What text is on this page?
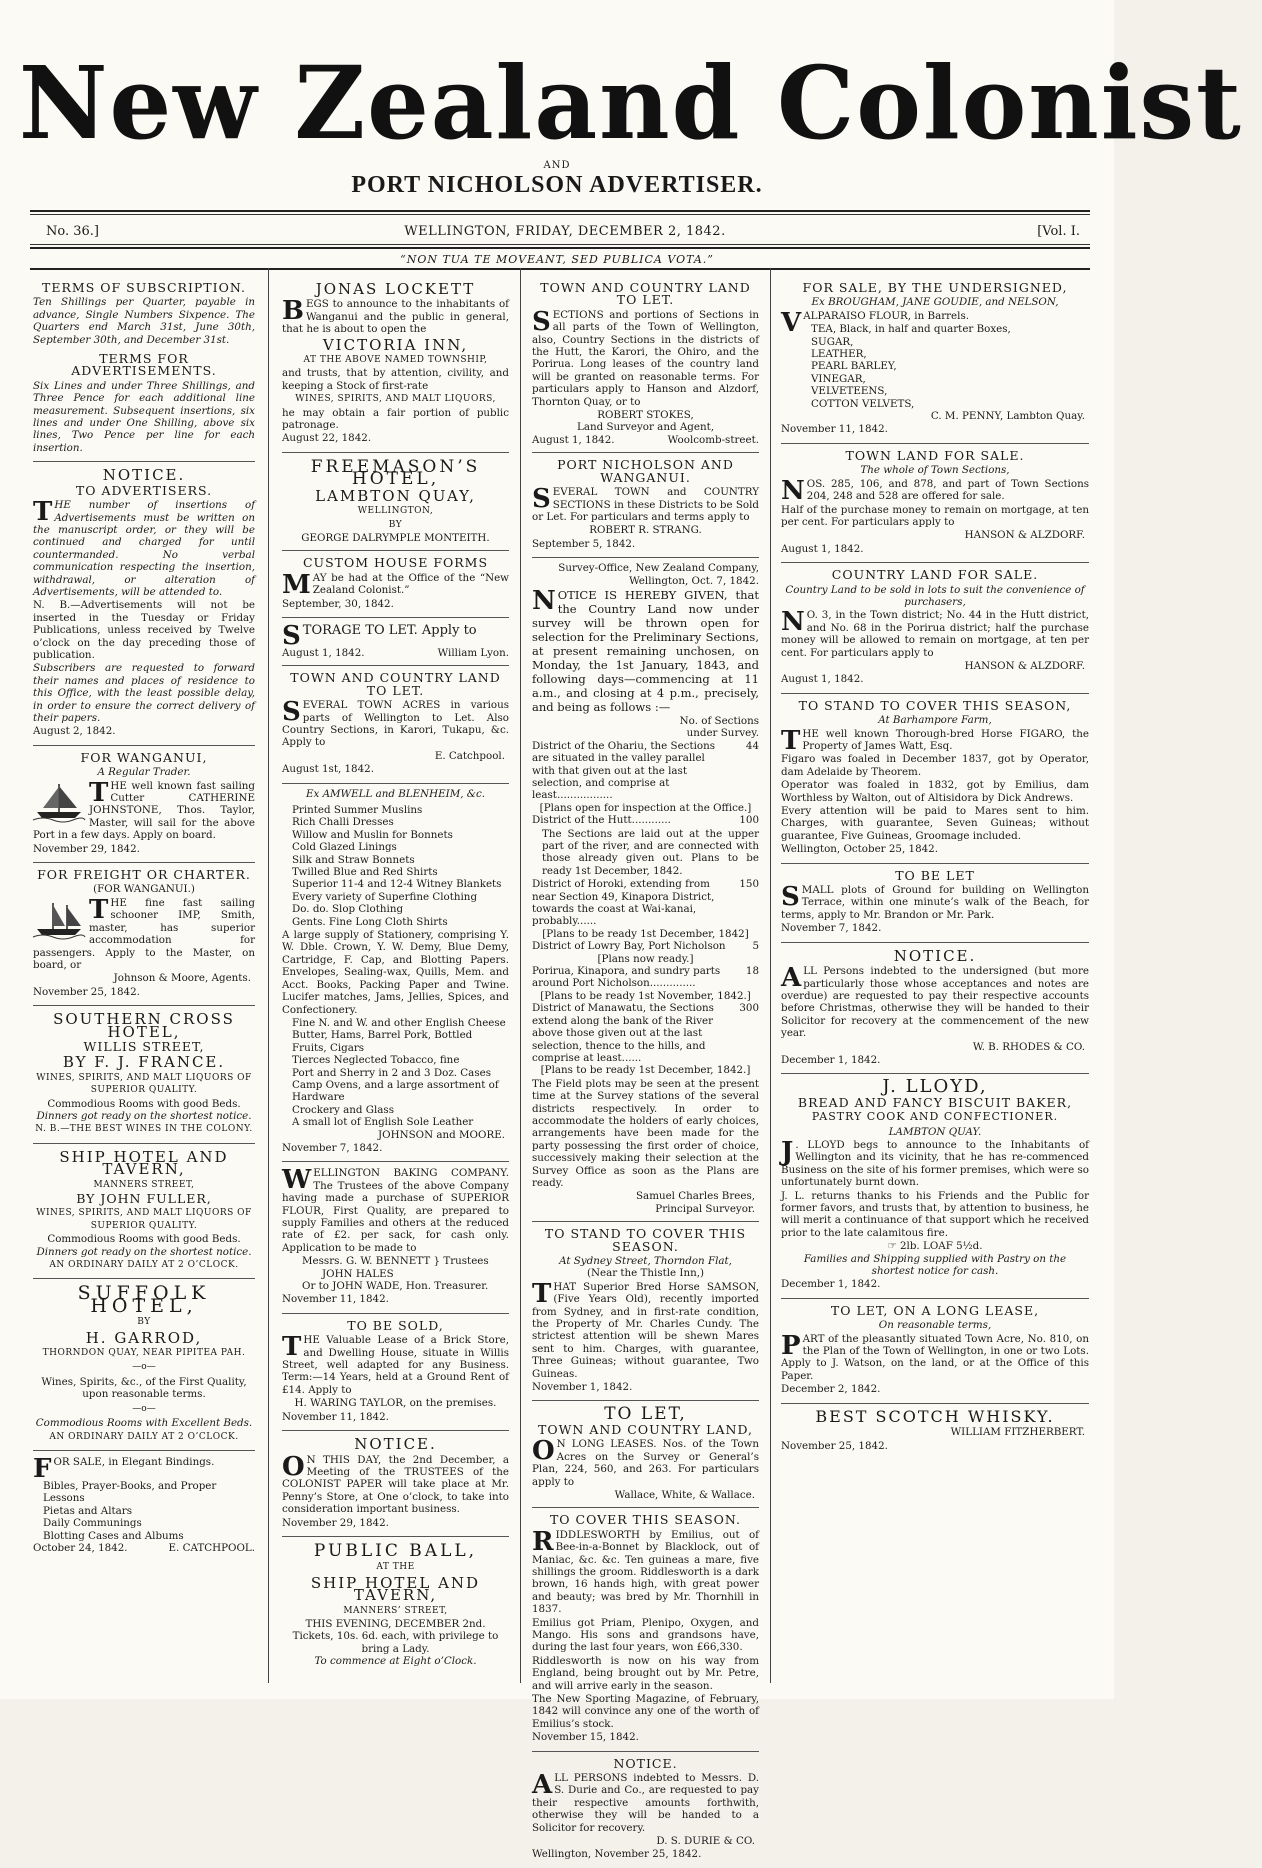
New Zealand Colonist
AND
PORT NICHOLSON ADVERTISER.
No. 36.]	WELLINGTON, FRIDAY, DECEMBER 2, 1842.	[Vol. I.
“NON TUA TE MOVEANT, SED PUBLICA VOTA.”
TERMS OF SUBSCRIPTION.
Ten Shillings per Quarter, payable in advance, Single Numbers Sixpence. The Quarters end March 31st, June 30th, September 30th, and December 31st.
TERMS FOR ADVERTISEMENTS.
Six Lines and under Three Shillings, and Three Pence for each additional line measurement. Subsequent insertions, six lines and under One Shilling, above six lines, Two Pence per line for each insertion.
NOTICE.
TO ADVERTISERS.
THE number of insertions of Advertisements must be written on the manuscript order, or they will be continued and charged for until countermanded. No verbal communication respecting the insertion, withdrawal, or alteration of Advertisements, will be attended to.
N. B.—Advertisements will not be inserted in the Tuesday or Friday Publications, unless received by Twelve o’clock on the day preceding those of publication.
Subscribers are requested to forward their names and places of residence to this Office, with the least possible delay, in order to ensure the correct delivery of their papers.
August 2, 1842.
FOR WANGANUI,
A Regular Trader.
THE well known fast sailing Cutter CATHERINE JOHNSTONE, Thos. Taylor, Master, will sail for the above Port in a few days. Apply on board.
November 29, 1842.
FOR FREIGHT OR CHARTER.
(FOR WANGANUI.)
THE fine fast sailing schooner IMP, Smith, master, has superior accommodation for passengers. Apply to the Master, on board, or
Johnson & Moore, Agents.
November 25, 1842.
SOUTHERN CROSS HOTEL,
WILLIS STREET,
BY F. J. FRANCE.
WINES, SPIRITS, AND MALT LIQUORS OF SUPERIOR QUALITY.
Commodious Rooms with good Beds.
Dinners got ready on the shortest notice.
N. B.—THE BEST WINES IN THE COLONY.
SHIP HOTEL AND TAVERN,
MANNERS STREET,
BY JOHN FULLER,
WINES, SPIRITS, AND MALT LIQUORS OF SUPERIOR QUALITY.
Commodious Rooms with good Beds.
Dinners got ready on the shortest notice.
AN ORDINARY DAILY AT 2 O’CLOCK.
SUFFOLK HOTEL,
BY
H. GARROD,
THORNDON QUAY, NEAR PIPITEA PAH.
—o—
Wines, Spirits, &c., of the First Quality, upon reasonable terms.
—o—
Commodious Rooms with Excellent Beds.
AN ORDINARY DAILY AT 2 O’CLOCK.
FOR SALE, in Elegant Bindings.
Bibles, Prayer-Books, and Proper Lessons
Pietas and Altars
Daily Communings
Blotting Cases and Albums
October 24, 1842.	E. CATCHPOOL.
JONAS LOCKETT
BEGS to announce to the inhabitants of Wanganui and the public in general, that he is about to open the
VICTORIA INN,
AT THE ABOVE NAMED TOWNSHIP,
and trusts, that by attention, civility, and keeping a Stock of first-rate
WINES, SPIRITS, AND MALT LIQUORS,
he may obtain a fair portion of public patronage.
August 22, 1842.
FREEMASON’S HOTEL,
LAMBTON QUAY,
WELLINGTON,
BY
GEORGE DALRYMPLE MONTEITH.
CUSTOM HOUSE FORMS
MAY be had at the Office of the “New Zealand Colonist.”
September, 30, 1842.
STORAGE TO LET. Apply to
August 1, 1842.	William Lyon.
TOWN AND COUNTRY LAND TO LET.
SEVERAL TOWN ACRES in various parts of Wellington to Let. Also Country Sections, in Karori, Tukapu, &c. Apply to
E. Catchpool.
August 1st, 1842.
Ex AMWELL and BLENHEIM, &c.
Printed Summer Muslins
Rich Challi Dresses
Willow and Muslin for Bonnets
Cold Glazed Linings
Silk and Straw Bonnets
Twilled Blue and Red Shirts
Superior 11-4 and 12-4 Witney Blankets
Every variety of Superfine Clothing
Do. do. Slop Clothing
Gents. Fine Long Cloth Shirts
A large supply of Stationery, comprising Y. W. Dble. Crown, Y. W. Demy, Blue Demy, Cartridge, F. Cap, and Blotting Papers. Envelopes, Sealing-wax, Quills, Mem. and Acct. Books, Packing Paper and Twine. Lucifer matches, Jams, Jellies, Spices, and Confectionery.
Fine N. and W. and other English Cheese
Butter, Hams, Barrel Pork, Bottled Fruits, Cigars
Tierces Neglected Tobacco, fine
Port and Sherry in 2 and 3 Doz. Cases
Camp Ovens, and a large assortment of Hardware
Crockery and Glass
A small lot of English Sole Leather
JOHNSON and MOORE.
November 7, 1842.
WELLINGTON BAKING COMPANY. The Trustees of the above Company having made a purchase of SUPERIOR FLOUR, First Quality, are prepared to supply Families and others at the reduced rate of £2. per sack, for cash only. Application to be made to
Messrs. G. W. BENNETT } Trustees
JOHN HALES
Or to JOHN WADE, Hon. Treasurer.
November 11, 1842.
TO BE SOLD,
THE Valuable Lease of a Brick Store, and Dwelling House, situate in Willis Street, well adapted for any Business. Term:—14 Years, held at a Ground Rent of £14. Apply to
H. WARING TAYLOR, on the premises.
November 11, 1842.
NOTICE.
O N THIS DAY, the 2nd December, a Meeting of the TRUSTEES of the COLONIST PAPER will take place at Mr. Penny’s Store, at One o’clock, to take into consideration important business.
November 29, 1842.
PUBLIC BALL,
AT THE
SHIP HOTEL AND TAVERN,
MANNERS’ STREET,
THIS EVENING, DECEMBER 2nd.
Tickets, 10s. 6d. each, with privilege to bring a Lady.
To commence at Eight o’Clock.
TOWN AND COUNTRY LAND TO LET.
SECTIONS and portions of Sections in all parts of the Town of Wellington, also, Country Sections in the districts of the Hutt, the Karori, the Ohiro, and the Porirua. Long leases of the country land will be granted on reasonable terms. For particulars apply to Hanson and Alzdorf, Thornton Quay, or to
ROBERT STOKES,
Land Surveyor and Agent,
August 1, 1842.	Woolcomb-street.
PORT NICHOLSON AND WANGANUI.
SEVERAL TOWN and COUNTRY SECTIONS in these Districts to be Sold or Let. For particulars and terms apply to
ROBERT R. STRANG.
September 5, 1842.
Survey-Office, New Zealand Company,
Wellington, Oct. 7, 1842.
NOTICE IS HEREBY GIVEN, that the Country Land now under survey will be thrown open for selection for the Preliminary Sections, at present remaining unchosen, on Monday, the 1st January, 1843, and following days—commencing at 11 a.m., and closing at 4 p.m., precisely, and being as follows :—
No. of Sections under Survey.
District of the Ohariu, the Sections are situated in the valley parallel with that given out at the last selection, and comprise at least.................
44
[Plans open for inspection at the Office.]
District of the Hutt............	100
The Sections are laid out at the upper part of the river, and are connected with those already given out. Plans to be ready 1st December, 1842.
District of Horoki, extending from near Section 49, Kinapora District, towards the coast at Wai-kanai, probably......
150
[Plans to be ready 1st December, 1842]
District of Lowry Bay, Port Nicholson	5
[Plans now ready.]
Porirua, Kinapora, and sundry parts around Port Nicholson..............
18
[Plans to be ready 1st November, 1842.]
District of Manawatu, the Sections extend along the bank of the River above those given out at the last selection, thence to the hills, and comprise at least......
300
[Plans to be ready 1st December, 1842.]
The Field plots may be seen at the present time at the Survey stations of the several districts respectively. In order to accommodate the holders of early choices, arrangements have been made for the party possessing the first order of choice, successively making their selection at the Survey Office as soon as the Plans are ready.
Samuel Charles Brees,
Principal Surveyor.
TO STAND TO COVER THIS SEASON.
At Sydney Street, Thorndon Flat,
(Near the Thistle Inn,)
THAT Superior Bred Horse SAMSON, (Five Years Old), recently imported from Sydney, and in first-rate condition, the Property of Mr. Charles Cundy. The strictest attention will be shewn Mares sent to him. Charges, with guarantee, Three Guineas; without guarantee, Two Guineas.
November 1, 1842.
TO LET,
TOWN AND COUNTRY LAND,
O N LONG LEASES. Nos. of the Town Acres on the Survey or General’s Plan, 224, 560, and 263. For particulars apply to
Wallace, White, & Wallace.
TO COVER THIS SEASON.
RIDDLESWORTH by Emilius, out of Bee-in-a-Bonnet by Blacklock, out of Maniac, &c. &c. Ten guineas a mare, five shillings the groom. Riddlesworth is a dark brown, 16 hands high, with great power and beauty; was bred by Mr. Thornhill in 1837.
Emilius got Priam, Plenipo, Oxygen, and Mango. His sons and grandsons have, during the last four years, won £66,330.
Riddlesworth is now on his way from England, being brought out by Mr. Petre, and will arrive early in the season.
The New Sporting Magazine, of February, 1842 will convince any one of the worth of Emilius’s stock.
November 15, 1842.
NOTICE.
ALL PERSONS indebted to Messrs. D. S. Durie and Co., are requested to pay their respective amounts forthwith, otherwise they will be handed to a Solicitor for recovery.
D. S. DURIE & CO.
Wellington, November 25, 1842.
FOR SALE, BY THE UNDERSIGNED,
Ex BROUGHAM, JANE GOUDIE, and NELSON,
VALPARAISO FLOUR, in Barrels.
TEA, Black, in half and quarter Boxes,
SUGAR,
LEATHER,
PEARL BARLEY,
VINEGAR,
VELVETEENS,
COTTON VELVETS,
C. M. PENNY, Lambton Quay.
November 11, 1842.
TOWN LAND FOR SALE.
The whole of Town Sections,
NOS. 285, 106, and 878, and part of Town Sections 204, 248 and 528 are offered for sale.
Half of the purchase money to remain on mortgage, at ten per cent. For particulars apply to
HANSON & ALZDORF.
August 1, 1842.
COUNTRY LAND FOR SALE.
Country Land to be sold in lots to suit the convenience of purchasers,
N O. 3, in the Town district; No. 44 in the Hutt district, and No. 68 in the Porirua district; half the purchase money will be allowed to remain on mortgage, at ten per cent. For particulars apply to
HANSON & ALZDORF.
August 1, 1842.
TO STAND TO COVER THIS SEASON,
At Barhampore Farm,
THE well known Thorough-bred Horse FIGARO, the Property of James Watt, Esq.
Figaro was foaled in December 1837, got by Operator, dam Adelaide by Theorem.
Operator was foaled in 1832, got by Emilius, dam Worthless by Walton, out of Altisidora by Dick Andrews.
Every attention will be paid to Mares sent to him. Charges, with guarantee, Seven Guineas; without guarantee, Five Guineas, Groomage included.
Wellington, October 25, 1842.
TO BE LET
SMALL plots of Ground for building on Wellington Terrace, within one minute’s walk of the Beach, for terms, apply to Mr. Brandon or Mr. Park.
November 7, 1842.
NOTICE.
ALL Persons indebted to the undersigned (but more particularly those whose acceptances and notes are overdue) are requested to pay their respective accounts before Christmas, otherwise they will be handed to their Solicitor for recovery at the commencement of the new year.
W. B. RHODES & CO.
December 1, 1842.
J. LLOYD,
BREAD AND FANCY BISCUIT BAKER,
PASTRY COOK AND CONFECTIONER.
LAMBTON QUAY.
J . LLOYD begs to announce to the Inhabitants of Wellington and its vicinity, that he has re-commenced Business on the site of his former premises, which were so unfortunately burnt down.
J. L. returns thanks to his Friends and the Public for former favors, and trusts that, by attention to business, he will merit a continuance of that support which he received prior to the late calamitous fire.
☞ 2lb. LOAF 5½d.
Families and Shipping supplied with Pastry on the shortest notice for cash.
December 1, 1842.
TO LET, ON A LONG LEASE,
On reasonable terms,
PART of the pleasantly situated Town Acre, No. 810, on the Plan of the Town of Wellington, in one or two Lots. Apply to J. Watson, on the land, or at the Office of this Paper.
December 2, 1842.
BEST SCOTCH WHISKY.
WILLIAM FITZHERBERT.
November 25, 1842.
